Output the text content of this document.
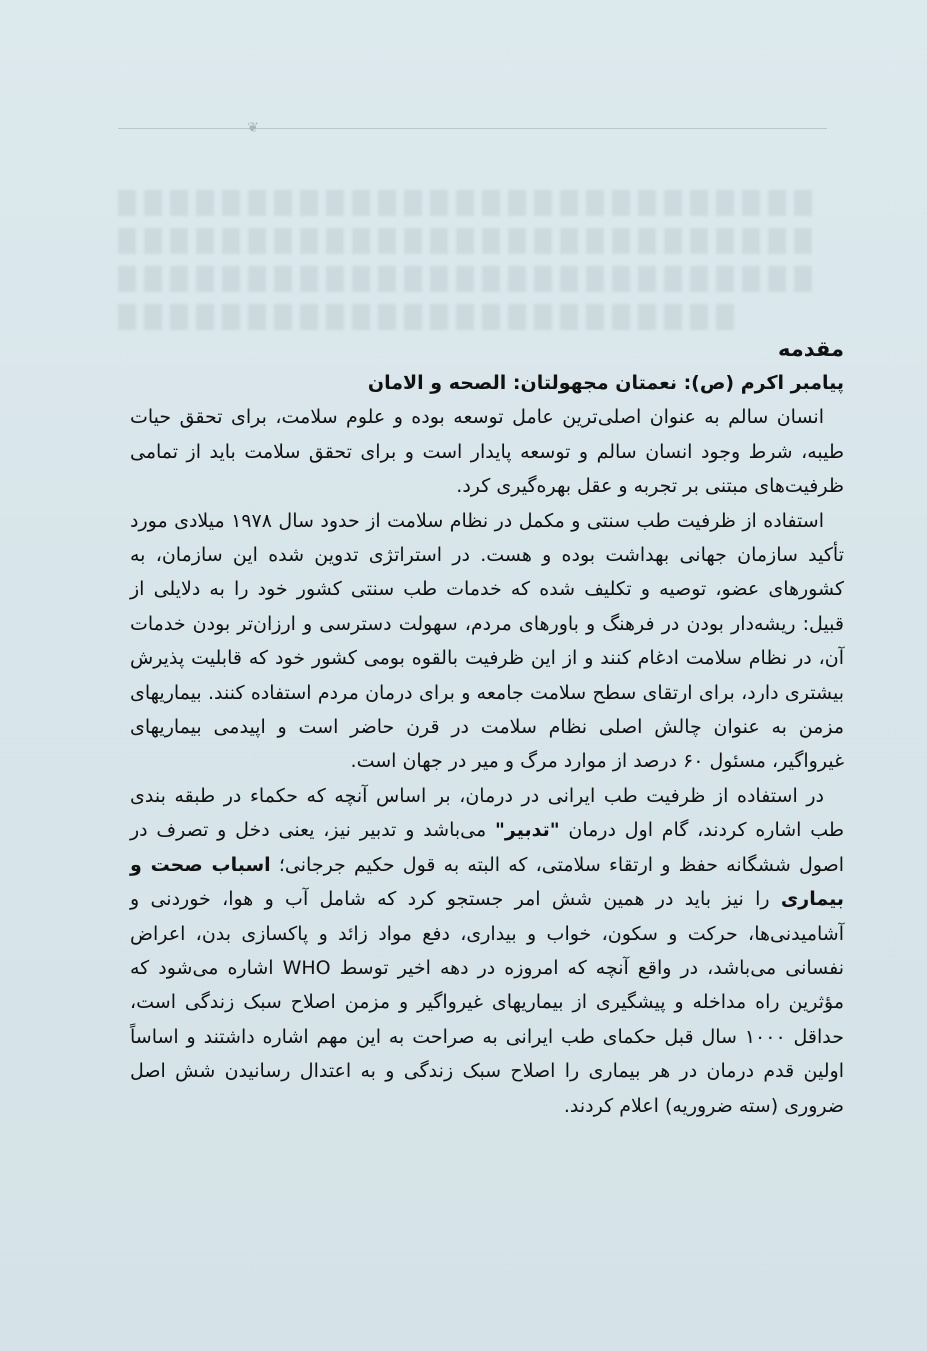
❦
مقدمه
پیامبر اکرم (ص): نعمتان مجهولتان: الصحه و الامان

انسان سالم به عنوان اصلی‌ترین عامل توسعه بوده و علوم سلامت، برای تحقق حیات طیبه، شرط وجود انسان سالم و توسعه پایدار است و برای تحقق سلامت باید از تمامی ظرفیت‌های مبتنی بر تجربه و عقل بهره‌گیری کرد.

استفاده از ظرفیت طب سنتی و مکمل در نظام سلامت از حدود سال ۱۹۷۸ میلادی مورد تأکید سازمان جهانی بهداشت بوده و هست. در استراتژی تدوین شده این سازمان، به کشورهای عضو، توصیه و تکلیف شده که خدمات طب سنتی کشور خود را به دلایلی از قبیل: ریشه‌دار بودن در فرهنگ و باورهای مردم، سهولت دسترسی و ارزان‌تر بودن خدمات آن، در نظام سلامت ادغام کنند و از این ظرفیت بالقوه بومی کشور خود که قابلیت پذیرش بیشتری دارد، برای ارتقای سطح سلامت جامعه و برای درمان مردم استفاده کنند. بیماریهای مزمن به عنوان چالش اصلی نظام سلامت در قرن حاضر است و اپیدمی بیماریهای غیرواگیر، مسئول ۶۰ درصد از موارد مرگ و میر در جهان است.

در استفاده از ظرفیت طب ایرانی در درمان، بر اساس آنچه که حکماء در طبقه بندی طب اشاره کردند، گام اول درمان "تدبیر" می‌باشد و تدبیر نیز، یعنی دخل و تصرف در اصول ششگانه حفظ و ارتقاء سلامتی، که البته به قول حکیم جرجانی؛ اسباب صحت و بیماری را نیز باید در همین شش امر جستجو کرد که شامل آب و هوا، خوردنی و آشامیدنی‌ها، حرکت و سکون، خواب و بیداری، دفع مواد زائد و پاکسازی بدن، اعراض نفسانی می‌باشد، در واقع آنچه که امروزه در دهه اخیر توسط WHO اشاره می‌شود که مؤثرین راه مداخله و پیشگیری از بیماریهای غیرواگیر و مزمن اصلاح سبک زندگی است، حداقل ۱۰۰۰ سال قبل حکمای طب ایرانی به صراحت به این مهم اشاره داشتند و اساساً اولین قدم درمان در هر بیماری را اصلاح سبک زندگی و به اعتدال رسانیدن شش اصل ضروری (سته ضروریه) اعلام کردند.
